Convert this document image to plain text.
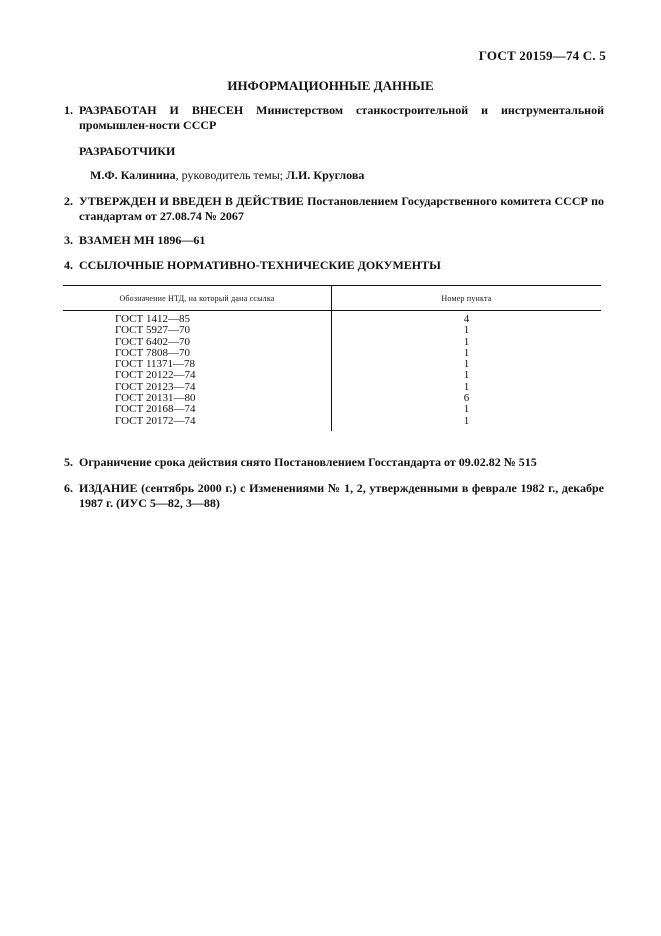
ГОСТ 20159—74 С. 5
ИНФОРМАЦИОННЫЕ ДАННЫЕ
1. РАЗРАБОТАН И ВНЕСЕН Министерством станкостроительной и инструментальной промышлен-ности СССР
РАЗРАБОТЧИКИ
М.Ф. Калинина, руководитель темы; Л.И. Круглова
2. УТВЕРЖДЕН И ВВЕДЕН В ДЕЙСТВИЕ Постановлением Государственного комитета СССР по стандартам от 27.08.74 № 2067
3. ВЗАМЕН МН 1896—61
4. ССЫЛОЧНЫЕ НОРМАТИВНО-ТЕХНИЧЕСКИЕ ДОКУМЕНТЫ
Обозначение НТД, на который дана ссылка	Номер пункта
ГОСТ 1412—85	4
ГОСТ 5927—70	1
ГОСТ 6402—70	1
ГОСТ 7808—70	1
ГОСТ 11371—78	1
ГОСТ 20122—74	1
ГОСТ 20123—74	1
ГОСТ 20131—80	6
ГОСТ 20168—74	1
ГОСТ 20172—74	1
5. Ограничение срока действия снято Постановлением Госстандарта от 09.02.82 № 515
6. ИЗДАНИЕ (сентябрь 2000 г.) с Изменениями № 1, 2, утвержденными в феврале 1982 г., декабре 1987 г. (ИУС 5—82, 3—88)
